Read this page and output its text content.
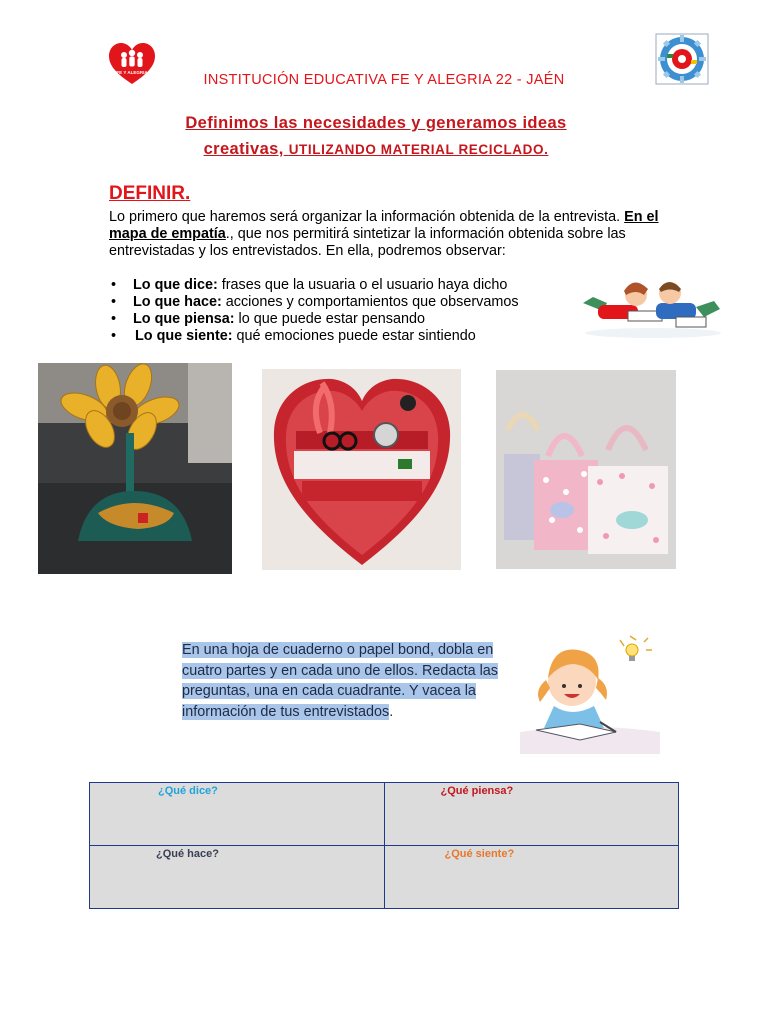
FE Y ALEGRIA	INSTITUCIÓN EDUCATIVA FE Y ALEGRIA 22 - JAÉN
Definimos las necesidades y generamos ideas
creativas, UTILIZANDO MATERIAL RECICLADO.
DEFINIR.
Lo primero que haremos será organizar la información obtenida de la entrevista. En el mapa de empatía., que nos permitirá sintetizar la información obtenida sobre las entrevistadas y los entrevistados. En ella, podremos observar:
• Lo que dice: frases que la usuaria o el usuario haya dicho
• Lo que hace: acciones y comportamientos que observamos
• Lo que piensa: lo que puede estar pensando
• Lo que siente: qué emociones puede estar sintiendo
En una hoja de cuaderno o papel bond, dobla en cuatro partes y en cada uno de ellos. Redacta las preguntas, una en cada cuadrante. Y vacea la información de tus entrevistados.
¿Qué dice?	¿Qué piensa?

¿Qué hace?	¿Qué siente?
